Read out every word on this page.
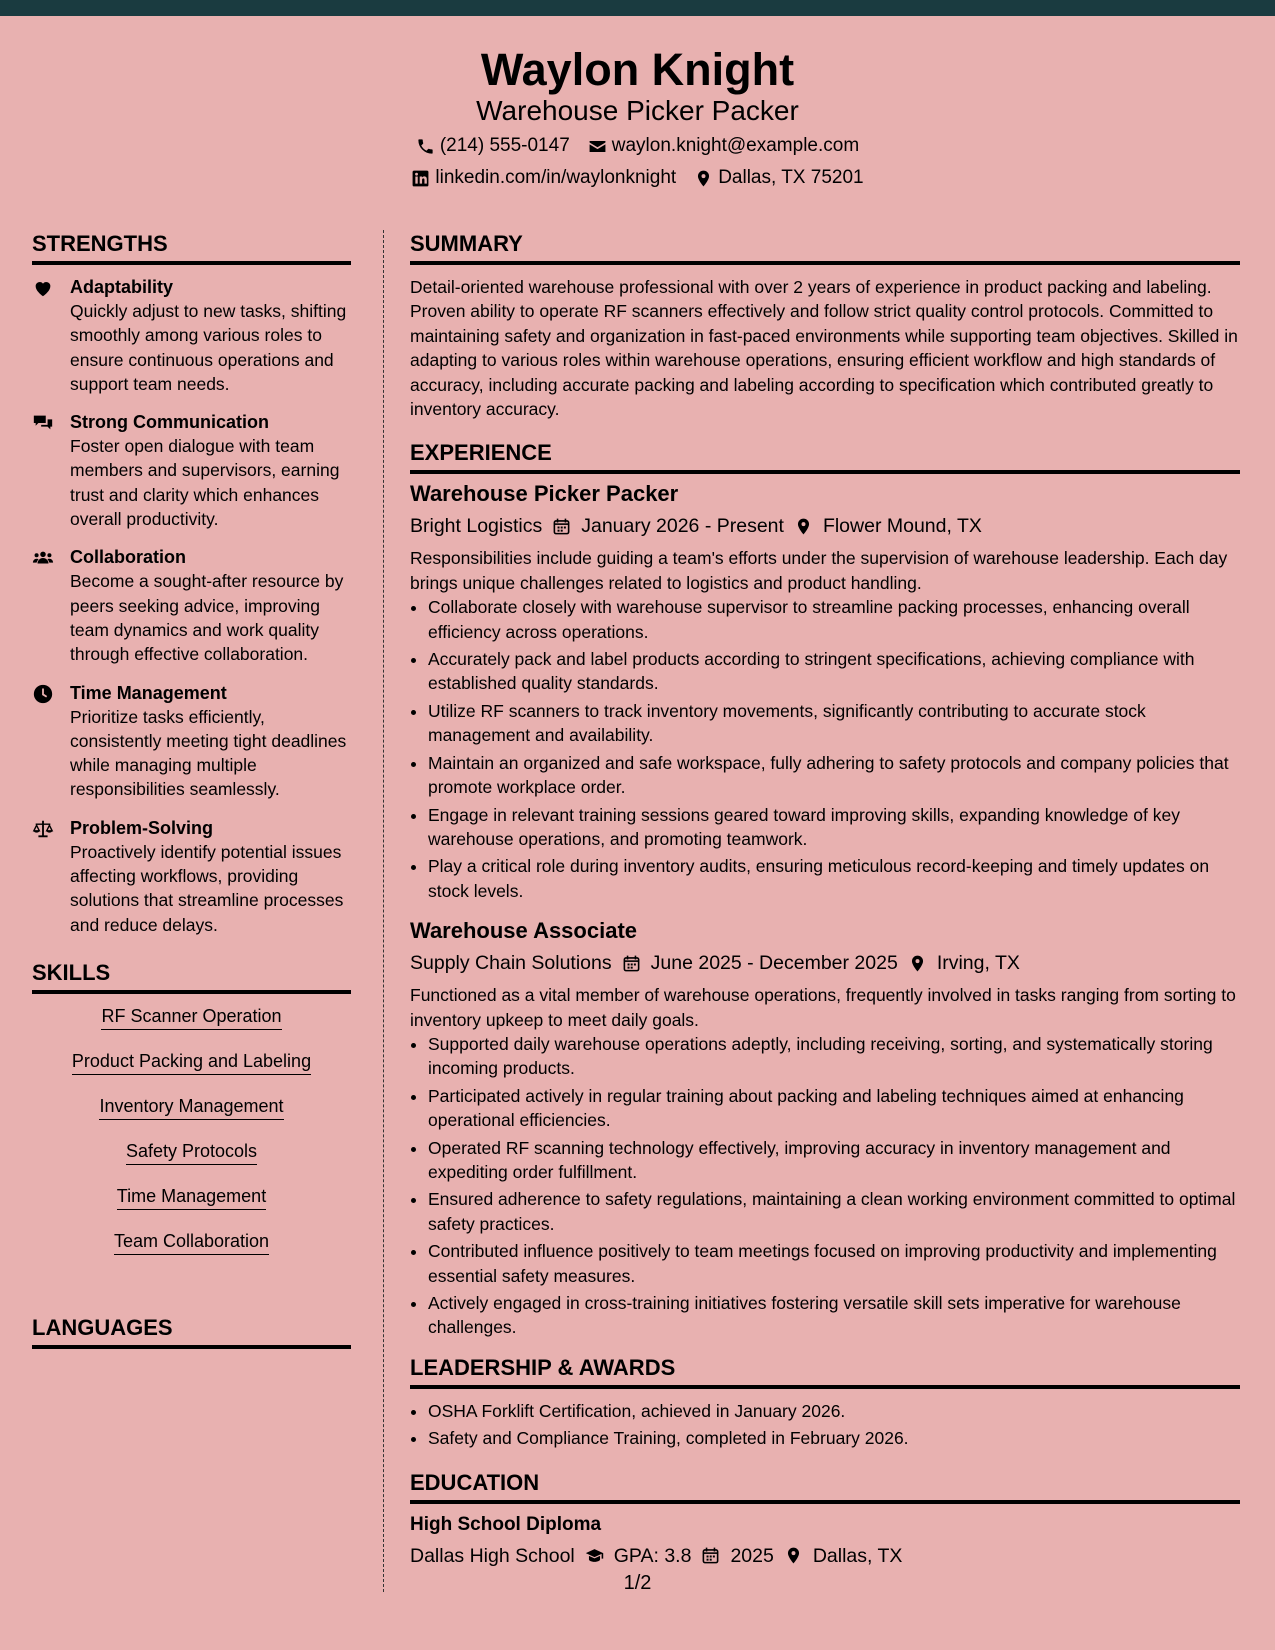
Waylon Knight
Warehouse Picker Packer
(214) 555-0147 waylon.knight@example.com
linkedin.com/in/waylonknight Dallas, TX 75201
STRENGTHS
Adaptability
Quickly adjust to new tasks, shifting smoothly among various roles to ensure continuous operations and support team needs.
Strong Communication
Foster open dialogue with team members and supervisors, earning trust and clarity which enhances overall productivity.
Collaboration
Become a sought-after resource by peers seeking advice, improving team dynamics and work quality through effective collaboration.
Time Management
Prioritize tasks efficiently, consistently meeting tight deadlines while managing multiple responsibilities seamlessly.
Problem-Solving
Proactively identify potential issues affecting workflows, providing solutions that streamline processes and reduce delays.
SKILLS
RF Scanner Operation
Product Packing and Labeling
Inventory Management
Safety Protocols
Time Management
Team Collaboration
LANGUAGES
SUMMARY
Detail-oriented warehouse professional with over 2 years of experience in product packing and labeling. Proven ability to operate RF scanners effectively and follow strict quality control protocols. Committed to maintaining safety and organization in fast-paced environments while supporting team objectives. Skilled in adapting to various roles within warehouse operations, ensuring efficient workflow and high standards of accuracy, including accurate packing and labeling according to specification which contributed greatly to inventory accuracy.
EXPERIENCE
Warehouse Picker Packer
Bright Logistics January 2026 - Present Flower Mound, TX
Responsibilities include guiding a team's efforts under the supervision of warehouse leadership. Each day brings unique challenges related to logistics and product handling.
• Collaborate closely with warehouse supervisor to streamline packing processes, enhancing overall efficiency across operations.
• Accurately pack and label products according to stringent specifications, achieving compliance with established quality standards.
• Utilize RF scanners to track inventory movements, significantly contributing to accurate stock management and availability.
• Maintain an organized and safe workspace, fully adhering to safety protocols and company policies that promote workplace order.
• Engage in relevant training sessions geared toward improving skills, expanding knowledge of key warehouse operations, and promoting teamwork.
• Play a critical role during inventory audits, ensuring meticulous record-keeping and timely updates on stock levels.
Warehouse Associate
Supply Chain Solutions June 2025 - December 2025 Irving, TX
Functioned as a vital member of warehouse operations, frequently involved in tasks ranging from sorting to inventory upkeep to meet daily goals.
• Supported daily warehouse operations adeptly, including receiving, sorting, and systematically storing incoming products.
• Participated actively in regular training about packing and labeling techniques aimed at enhancing operational efficiencies.
• Operated RF scanning technology effectively, improving accuracy in inventory management and expediting order fulfillment.
• Ensured adherence to safety regulations, maintaining a clean working environment committed to optimal safety practices.
• Contributed influence positively to team meetings focused on improving productivity and implementing essential safety measures.
• Actively engaged in cross-training initiatives fostering versatile skill sets imperative for warehouse challenges.
LEADERSHIP & AWARDS
• OSHA Forklift Certification, achieved in January 2026.
• Safety and Compliance Training, completed in February 2026.
EDUCATION
High School Diploma
Dallas High School GPA: 3.8 2025 Dallas, TX
1/2
